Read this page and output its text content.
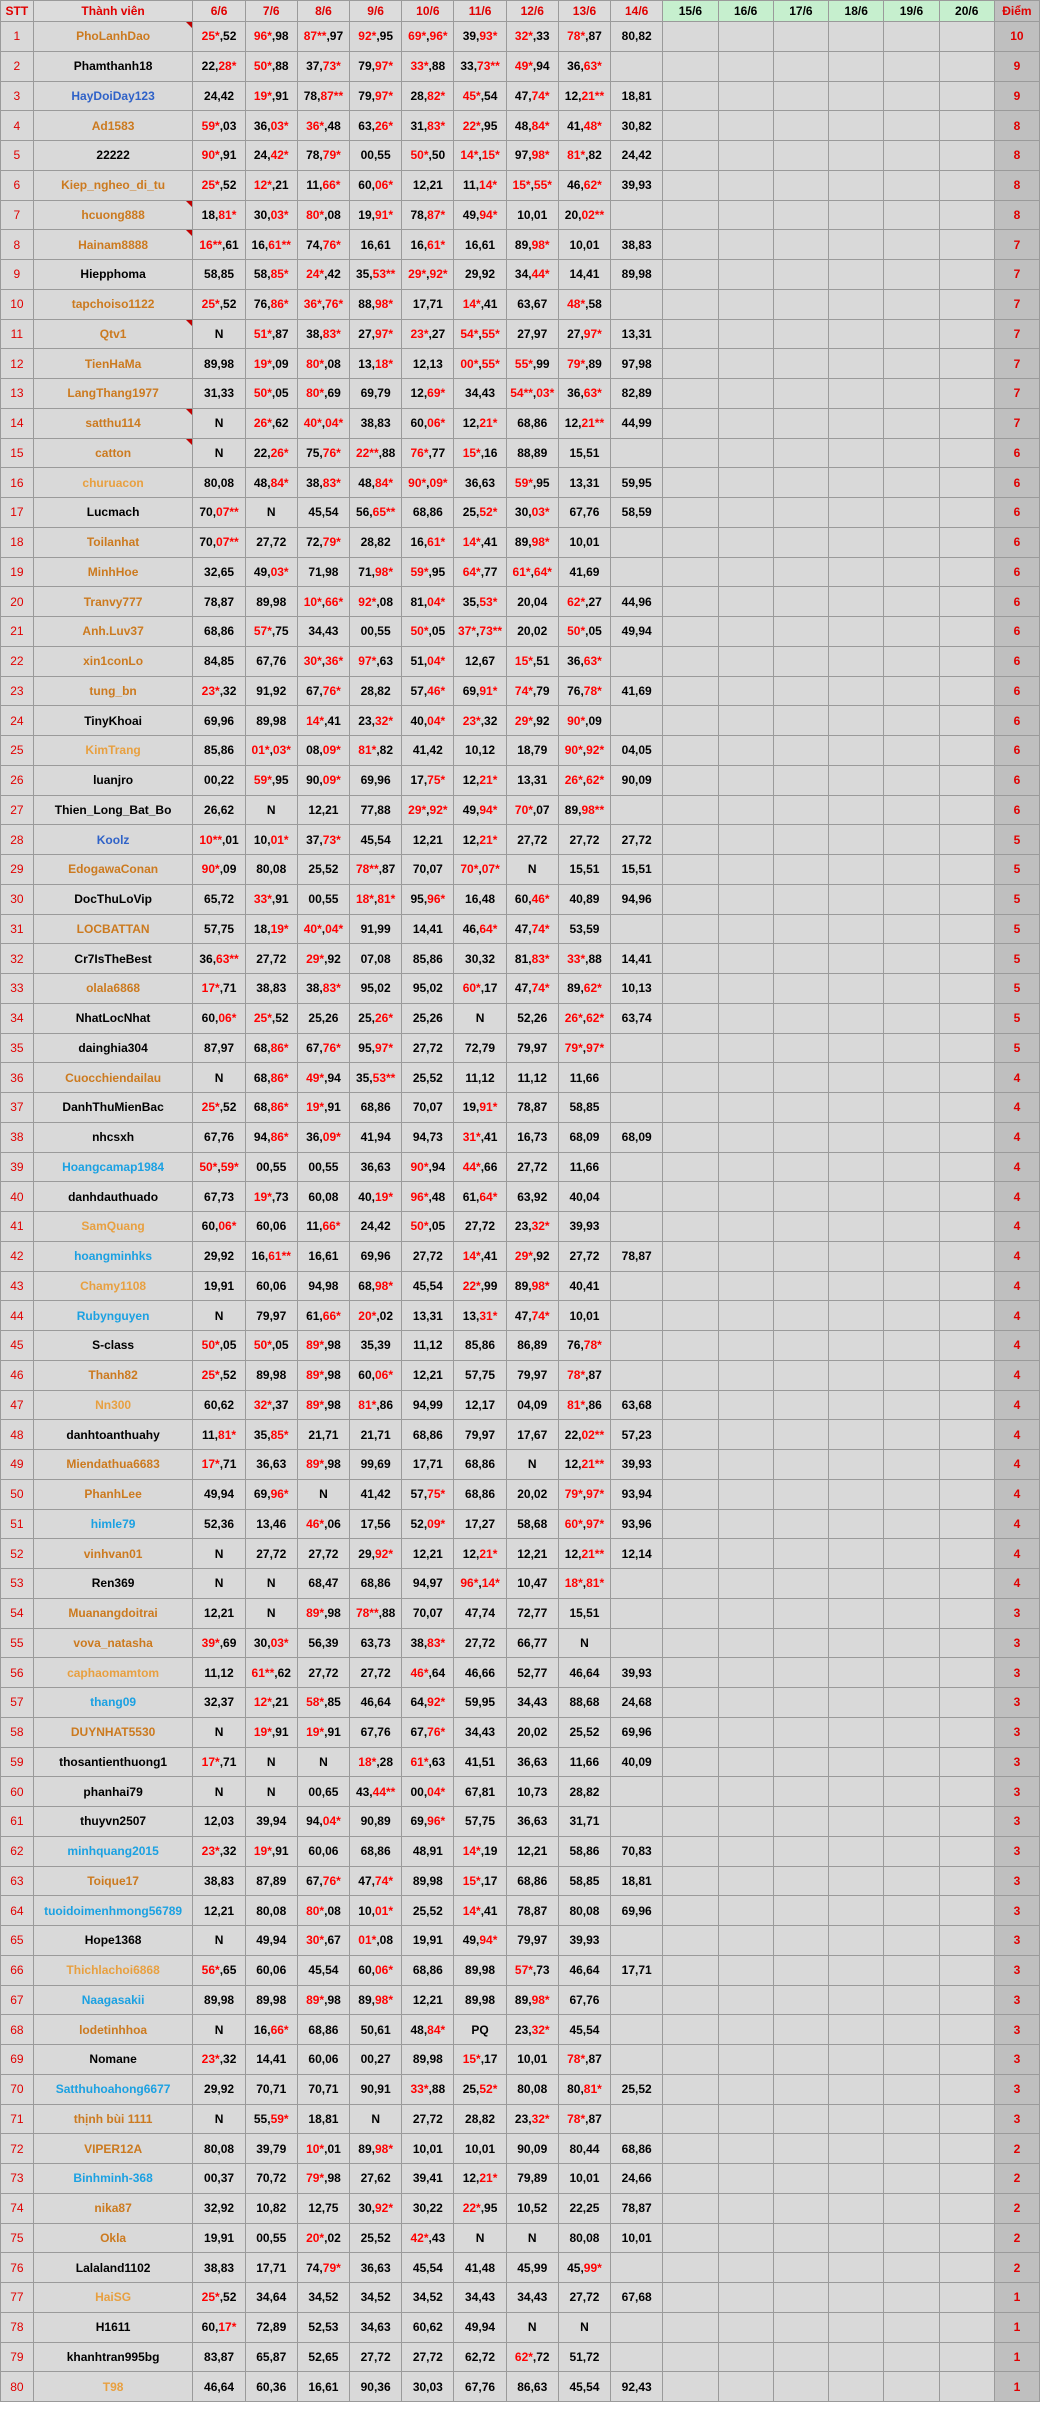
STT	Thành viên	6/6	7/6	8/6	9/6	10/6	11/6	12/6	13/6	14/6	15/6	16/6	17/6	18/6	19/6	20/6	Điểm
1	PhoLanhDao	25*,52	96*,98	87**,97	92*,95	69*,96*	39,93*	32*,33	78*,87	80,82							10
2	Phamthanh18	22,28*	50*,88	37,73*	79,97*	33*,88	33,73**	49*,94	36,63*								9
3	HayDoiDay123	24,42	19*,91	78,87**	79,97*	28,82*	45*,54	47,74*	12,21**	18,81							9
4	Ad1583	59*,03	36,03*	36*,48	63,26*	31,83*	22*,95	48,84*	41,48*	30,82							8
5	22222	90*,91	24,42*	78,79*	00,55	50*,50	14*,15*	97,98*	81*,82	24,42							8
6	Kiep_ngheo_di_tu	25*,52	12*,21	11,66*	60,06*	12,21	11,14*	15*,55*	46,62*	39,93							8
7	hcuong888	18,81*	30,03*	80*,08	19,91*	78,87*	49,94*	10,01	20,02**								8
8	Hainam8888	16**,61	16,61**	74,76*	16,61	16,61*	16,61	89,98*	10,01	38,83							7
9	Hiepphoma	58,85	58,85*	24*,42	35,53**	29*,92*	29,92	34,44*	14,41	89,98							7
10	tapchoiso1122	25*,52	76,86*	36*,76*	88,98*	17,71	14*,41	63,67	48*,58								7
11	Qtv1	N	51*,87	38,83*	27,97*	23*,27	54*,55*	27,97	27,97*	13,31							7
12	TienHaMa	89,98	19*,09	80*,08	13,18*	12,13	00*,55*	55*,99	79*,89	97,98							7
13	LangThang1977	31,33	50*,05	80*,69	69,79	12,69*	34,43	54**,03*	36,63*	82,89							7
14	satthu114	N	26*,62	40*,04*	38,83	60,06*	12,21*	68,86	12,21**	44,99							7
15	catton	N	22,26*	75,76*	22**,88	76*,77	15*,16	88,89	15,51								6
16	churuacon	80,08	48,84*	38,83*	48,84*	90*,09*	36,63	59*,95	13,31	59,95							6
17	Lucmach	70,07**	N	45,54	56,65**	68,86	25,52*	30,03*	67,76	58,59							6
18	Toilanhat	70,07**	27,72	72,79*	28,82	16,61*	14*,41	89,98*	10,01								6
19	MinhHoe	32,65	49,03*	71,98	71,98*	59*,95	64*,77	61*,64*	41,69								6
20	Tranvy777	78,87	89,98	10*,66*	92*,08	81,04*	35,53*	20,04	62*,27	44,96							6
21	Anh.Luv37	68,86	57*,75	34,43	00,55	50*,05	37*,73**	20,02	50*,05	49,94							6
22	xin1conLo	84,85	67,76	30*,36*	97*,63	51,04*	12,67	15*,51	36,63*								6
23	tung_bn	23*,32	91,92	67,76*	28,82	57,46*	69,91*	74*,79	76,78*	41,69							6
24	TinyKhoai	69,96	89,98	14*,41	23,32*	40,04*	23*,32	29*,92	90*,09								6
25	KimTrang	85,86	01*,03*	08,09*	81*,82	41,42	10,12	18,79	90*,92*	04,05							6
26	luanjro	00,22	59*,95	90,09*	69,96	17,75*	12,21*	13,31	26*,62*	90,09							6
27	Thien_Long_Bat_Bo	26,62	N	12,21	77,88	29*,92*	49,94*	70*,07	89,98**								6
28	Koolz	10**,01	10,01*	37,73*	45,54	12,21	12,21*	27,72	27,72	27,72							5
29	EdogawaConan	90*,09	80,08	25,52	78**,87	70,07	70*,07*	N	15,51	15,51							5
30	DocThuLoVip	65,72	33*,91	00,55	18*,81*	95,96*	16,48	60,46*	40,89	94,96							5
31	LOCBATTAN	57,75	18,19*	40*,04*	91,99	14,41	46,64*	47,74*	53,59								5
32	Cr7IsTheBest	36,63**	27,72	29*,92	07,08	85,86	30,32	81,83*	33*,88	14,41							5
33	olala6868	17*,71	38,83	38,83*	95,02	95,02	60*,17	47,74*	89,62*	10,13							5
34	NhatLocNhat	60,06*	25*,52	25,26	25,26*	25,26	N	52,26	26*,62*	63,74							5
35	dainghia304	87,97	68,86*	67,76*	95,97*	27,72	72,79	79,97	79*,97*								5
36	Cuocchiendailau	N	68,86*	49*,94	35,53**	25,52	11,12	11,12	11,66								4
37	DanhThuMienBac	25*,52	68,86*	19*,91	68,86	70,07	19,91*	78,87	58,85								4
38	nhcsxh	67,76	94,86*	36,09*	41,94	94,73	31*,41	16,73	68,09	68,09							4
39	Hoangcamap1984	50*,59*	00,55	00,55	36,63	90*,94	44*,66	27,72	11,66								4
40	danhdauthuado	67,73	19*,73	60,08	40,19*	96*,48	61,64*	63,92	40,04								4
41	SamQuang	60,06*	60,06	11,66*	24,42	50*,05	27,72	23,32*	39,93								4
42	hoangminhks	29,92	16,61**	16,61	69,96	27,72	14*,41	29*,92	27,72	78,87							4
43	Chamy1108	19,91	60,06	94,98	68,98*	45,54	22*,99	89,98*	40,41								4
44	Rubynguyen	N	79,97	61,66*	20*,02	13,31	13,31*	47,74*	10,01								4
45	S-class	50*,05	50*,05	89*,98	35,39	11,12	85,86	86,89	76,78*								4
46	Thanh82	25*,52	89,98	89*,98	60,06*	12,21	57,75	79,97	78*,87								4
47	Nn300	60,62	32*,37	89*,98	81*,86	94,99	12,17	04,09	81*,86	63,68							4
48	danhtoanthuahy	11,81*	35,85*	21,71	21,71	68,86	79,97	17,67	22,02**	57,23							4
49	Miendathua6683	17*,71	36,63	89*,98	99,69	17,71	68,86	N	12,21**	39,93							4
50	PhanhLee	49,94	69,96*	N	41,42	57,75*	68,86	20,02	79*,97*	93,94							4
51	himle79	52,36	13,46	46*,06	17,56	52,09*	17,27	58,68	60*,97*	93,96							4
52	vinhvan01	N	27,72	27,72	29,92*	12,21	12,21*	12,21	12,21**	12,14							4
53	Ren369	N	N	68,47	68,86	94,97	96*,14*	10,47	18*,81*								4
54	Muanangdoitrai	12,21	N	89*,98	78**,88	70,07	47,74	72,77	15,51								3
55	vova_natasha	39*,69	30,03*	56,39	63,73	38,83*	27,72	66,77	N								3
56	caphaomamtom	11,12	61**,62	27,72	27,72	46*,64	46,66	52,77	46,64	39,93							3
57	thang09	32,37	12*,21	58*,85	46,64	64,92*	59,95	34,43	88,68	24,68							3
58	DUYNHAT5530	N	19*,91	19*,91	67,76	67,76*	34,43	20,02	25,52	69,96							3
59	thosantienthuong1	17*,71	N	N	18*,28	61*,63	41,51	36,63	11,66	40,09							3
60	phanhai79	N	N	00,65	43,44**	00,04*	67,81	10,73	28,82								3
61	thuyvn2507	12,03	39,94	94,04*	90,89	69,96*	57,75	36,63	31,71								3
62	minhquang2015	23*,32	19*,91	60,06	68,86	48,91	14*,19	12,21	58,86	70,83							3
63	Toique17	38,83	87,89	67,76*	47,74*	89,98	15*,17	68,86	58,85	18,81							3
64	tuoidoimenhmong56789	12,21	80,08	80*,08	10,01*	25,52	14*,41	78,87	80,08	69,96							3
65	Hope1368	N	49,94	30*,67	01*,08	19,91	49,94*	79,97	39,93								3
66	Thichlachoi6868	56*,65	60,06	45,54	60,06*	68,86	89,98	57*,73	46,64	17,71							3
67	Naagasakii	89,98	89,98	89*,98	89,98*	12,21	89,98	89,98*	67,76								3
68	lodetinhhoa	N	16,66*	68,86	50,61	48,84*	PQ	23,32*	45,54								3
69	Nomane	23*,32	14,41	60,06	00,27	89,98	15*,17	10,01	78*,87								3
70	Satthuhoahong6677	29,92	70,71	70,71	90,91	33*,88	25,52*	80,08	80,81*	25,52							3
71	thịnh bùi 1111	N	55,59*	18,81	N	27,72	28,82	23,32*	78*,87								3
72	VIPER12A	80,08	39,79	10*,01	89,98*	10,01	10,01	90,09	80,44	68,86							2
73	Binhminh-368	00,37	70,72	79*,98	27,62	39,41	12,21*	79,89	10,01	24,66							2
74	nika87	32,92	10,82	12,75	30,92*	30,22	22*,95	10,52	22,25	78,87							2
75	Okla	19,91	00,55	20*,02	25,52	42*,43	N	N	80,08	10,01							2
76	Lalaland1102	38,83	17,71	74,79*	36,63	45,54	41,48	45,99	45,99*								2
77	HaiSG	25*,52	34,64	34,52	34,52	34,52	34,43	34,43	27,72	67,68							1
78	H1611	60,17*	72,89	52,53	34,63	60,62	49,94	N	N								1
79	khanhtran995bg	83,87	65,87	52,65	27,72	27,72	62,72	62*,72	51,72								1
80	T98	46,64	60,36	16,61	90,36	30,03	67,76	86,63	45,54	92,43							1
